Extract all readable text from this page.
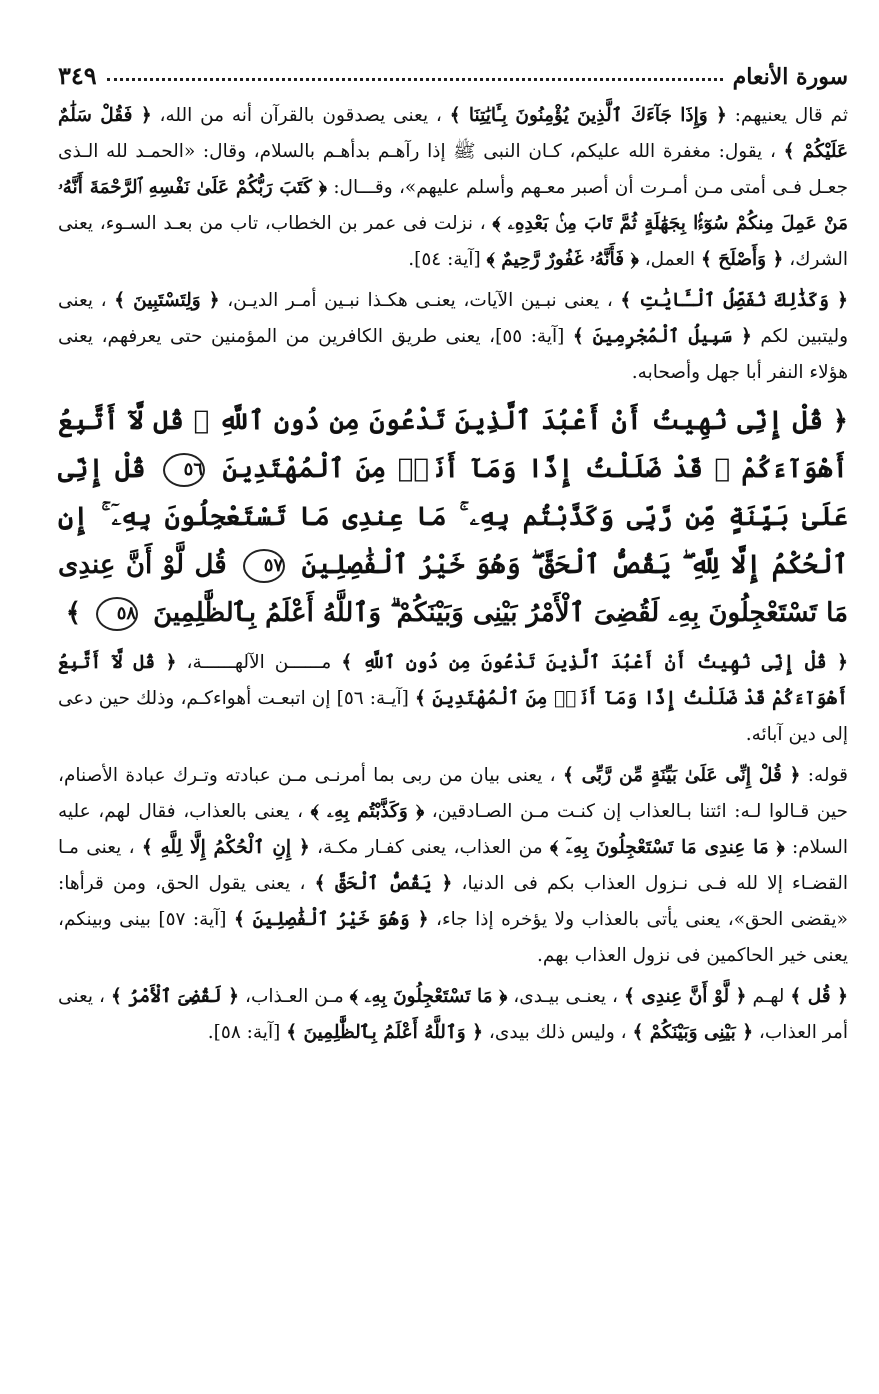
سورة الأنعام
٣٤٩

ثم قال يعنيهم: ﴿ وَإِذَا جَآءَكَ ٱلَّذِينَ يُؤْمِنُونَ بِـَٔايَٰتِنَا ﴾ ، يعنى يصدقون بالقرآن أنه من الله، ﴿ فَقُلْ سَلَٰمٌ عَلَيْكُمْ ﴾ ، يقول: مغفرة الله عليكم، كـان النبى ﷺ إذا رآهـم بدأهـم بالسلام، وقال: «الحمـد لله الـذى جعـل فـى أمتى مـن أمـرت أن أصبر معـهم وأسلم عليهم»، وقـــال: ﴿ كَتَبَ رَبُّكُمْ عَلَىٰ نَفْسِهِ ٱلرَّحْمَةَ أَنَّهُۥ مَنْ عَمِلَ مِنكُمْ سُوٓءًۢا بِجَهَٰلَةٍ ثُمَّ تَابَ مِنۢ بَعْدِهِۦ ﴾ ، نزلت فى عمر بن الخطاب، تاب من بعـد السـوء، يعنى الشرك، ﴿ وَأَصْلَحَ ﴾ العمل، ﴿ فَأَنَّهُۥ غَفُورٌ رَّحِيمٌ ﴾ [آية: ٥٤].

﴿ وَكَذَٰلِكَ نُفَصِّلُ ٱلْـَٔايَٰتِ ﴾ ، يعنى نبـين الآيات، يعنـى هكـذا نبـين أمـر الديـن، ﴿ وَلِتَسْتَبِينَ ﴾ ، يعنى وليتبين لكم ﴿ سَبِيلُ ٱلْمُجْرِمِينَ ﴾ [آية: ٥٥]، يعنى طريق الكافرين من المؤمنين حتى يعرفهم، يعنى هؤلاء النفر أبا جهل وأصحابه.

﴿ قُلْ إِنِّى نُهِيتُ أَنْ أَعْبُدَ ٱلَّذِينَ تَدْعُونَ مِن دُونِ ٱللَّهِ ۚ قُل لَّآ أَتَّبِعُ أَهْوَآءَكُمْ ۙ قَدْ ضَلَلْتُ إِذًا وَمَآ أَنَا۠ مِنَ ٱلْمُهْتَدِينَ ٥٦ قُلْ إِنِّى عَلَىٰ بَيِّنَةٍ مِّن رَّبِّى وَكَذَّبْتُم بِهِۦ ۚ مَا عِندِى مَا تَسْتَعْجِلُونَ بِهِۦٓ ۚ إِنِ ٱلْحُكْمُ إِلَّا لِلَّهِ ۖ يَقُصُّ ٱلْحَقَّ ۖ وَهُوَ خَيْرُ ٱلْفَٰصِلِينَ ٥٧ قُل لَّوْ أَنَّ عِندِى مَا تَسْتَعْجِلُونَ بِهِۦ لَقُضِىَ ٱلْأَمْرُ بَيْنِى وَبَيْنَكُمْ ۗ وَٱللَّهُ أَعْلَمُ بِٱلظَّٰلِمِينَ ٥٨ ﴾

﴿ قُلْ إِنِّى نُهِيتُ أَنْ أَعْبُدَ ٱلَّذِينَ تَدْعُونَ مِن دُونِ ٱللَّهِ ﴾ مــــــن الآلهــــــة، ﴿ قُل لَّآ أَتَّبِعُ أَهْوَآءَكُمْ قَدْ ضَلَلْتُ إِذًا وَمَآ أَنَا۠ مِنَ ٱلْمُهْتَدِينَ ﴾ [آيـة: ٥٦] إن اتبعـت أهواءكـم، وذلك حين دعى إلى دين آبائه.

قوله: ﴿ قُلْ إِنِّى عَلَىٰ بَيِّنَةٍ مِّن رَّبِّى ﴾ ، يعنى بيان من ربى بما أمرنـى مـن عبادته وتـرك عبادة الأصنام، حين قـالوا لـه: ائتنا بـالعذاب إن كنـت مـن الصـادقين، ﴿ وَكَذَّبْتُم بِهِۦ ﴾ ، يعنى بالعذاب، فقال لهم، عليه السلام: ﴿ مَا عِندِى مَا تَسْتَعْجِلُونَ بِهِۦٓ ﴾ من العذاب، يعنى كفـار مكـة، ﴿ إِنِ ٱلْحُكْمُ إِلَّا لِلَّهِ ﴾ ، يعنى مـا القضـاء إلا لله فـى نـزول العذاب بكم فى الدنيا، ﴿ يَقُصُّ ٱلْحَقَّ ﴾ ، يعنى يقول الحق، ومن قرأها: «يقضى الحق»، يعنى يأتى بالعذاب ولا يؤخره إذا جاء، ﴿ وَهُوَ خَيْرُ ٱلْفَٰصِلِينَ ﴾ [آية: ٥٧] بينى وبينكم، يعنى خير الحاكمين فى نزول العذاب بهم.

﴿ قُل ﴾ لهـم ﴿ لَّوْ أَنَّ عِندِى ﴾ ، يعنـى بيـدى، ﴿ مَا تَسْتَعْجِلُونَ بِهِۦ ﴾ مـن العـذاب، ﴿ لَقُضِىَ ٱلْأَمْرُ ﴾ ، يعنى أمر العذاب، ﴿ بَيْنِى وَبَيْنَكُمْ ﴾ ، وليس ذلك بيدى، ﴿ وَٱللَّهُ أَعْلَمُ بِٱلظَّٰلِمِينَ ﴾ [آية: ٥٨].
